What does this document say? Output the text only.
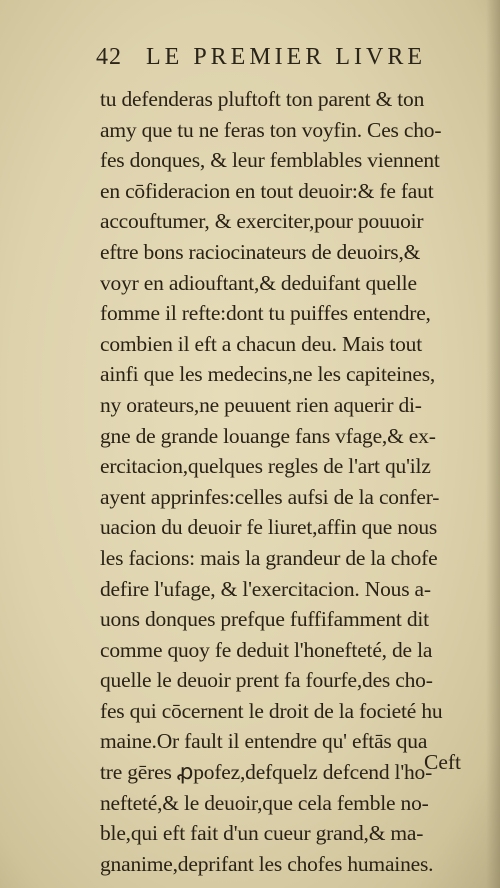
42 LE PREMIER LIVRE
tu defenderas pluftoft ton parent & ton
amy que tu ne feras ton voyfin. Ces cho-
fes donques, & leur femblables viennent
en cōfideracion en tout deuoir:& fe faut
accouftumer, & exerciter,pour pouuoir
eftre bons raciocinateurs de deuoirs,&
voyr en adiouftant,& deduifant quelle
fomme il refte:dont tu puiffes entendre,
combien il eft a chacun deu. Mais tout
ainfi que les medecins,ne les capiteines,
ny orateurs,ne peuuent rien aquerir di-
gne de grande louange fans vfage,& ex-
ercitacion,quelques regles de l'art qu'ilz
ayent apprinfes:celles aufsi de la confer-
uacion du deuoir fe liuret,affin que nous
les facions: mais la grandeur de la chofe
defire l'ufage, & l'exercitacion. Nous a-
uons donques prefque fuffifamment dit
comme quoy fe deduit l'honefteté, de la
quelle le deuoir prent fa fourfe,des cho-
fes qui cōcernent le droit de la focieté hu
maine.Or fault il entendre qu' eftās qua
tre gēres ꝓpofez,defquelz defcend l'ho-
nefteté,& le deuoir,que cela femble no-
ble,qui eft fait d'un cueur grand,& ma-
gnanime,deprifant les chofes humaines.
Ceft
